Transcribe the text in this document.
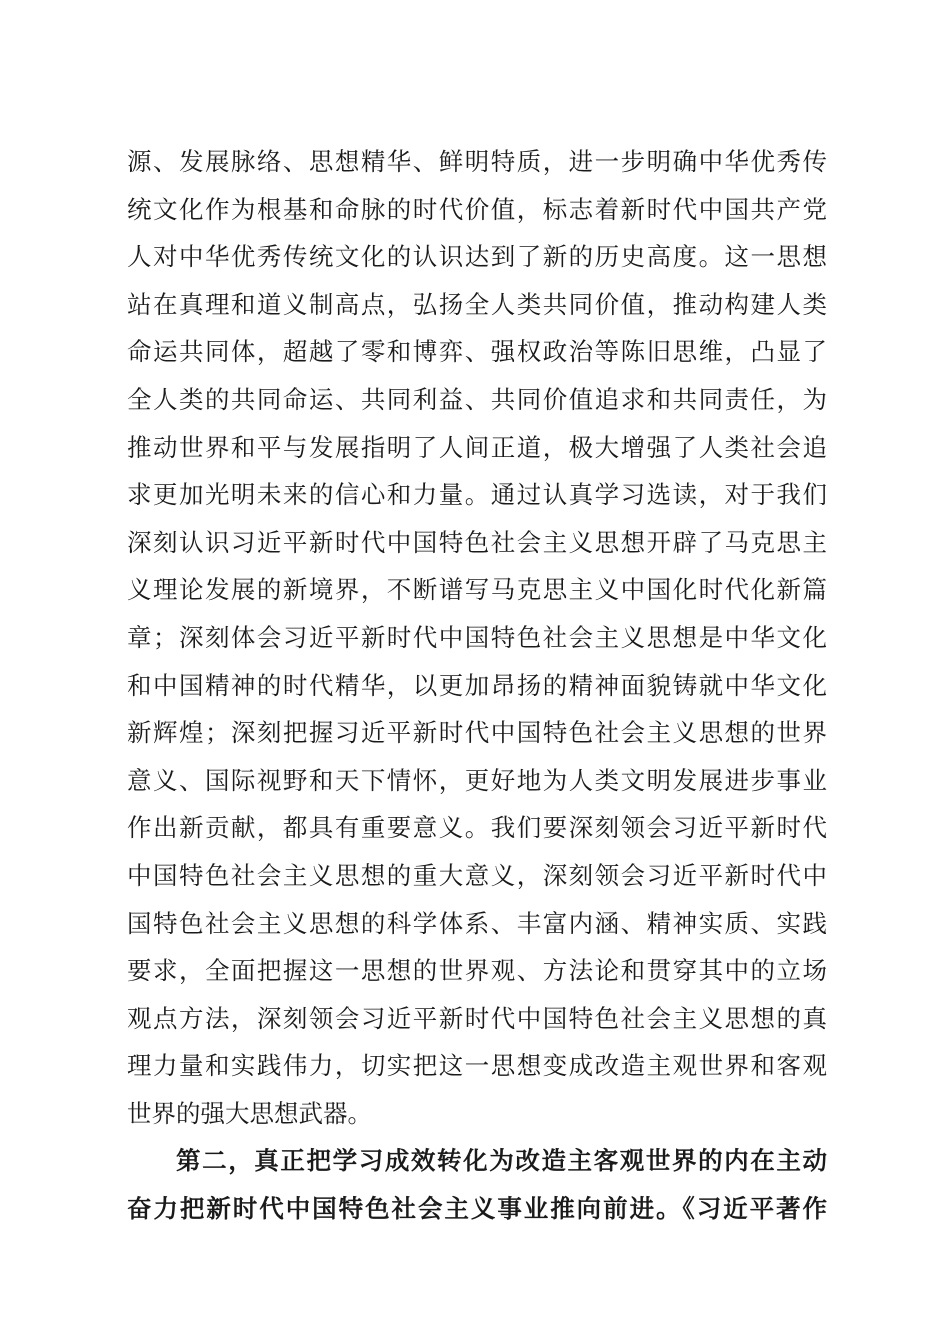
源、发展脉络、思想精华、鲜明特质，进一步明确中华优秀传
统文化作为根基和命脉的时代价值，标志着新时代中国共产党
人对中华优秀传统文化的认识达到了新的历史高度。这一思想
站在真理和道义制高点，弘扬全人类共同价值，推动构建人类
命运共同体，超越了零和博弈、强权政治等陈旧思维，凸显了
全人类的共同命运、共同利益、共同价值追求和共同责任，为
推动世界和平与发展指明了人间正道，极大增强了人类社会追
求更加光明未来的信心和力量。通过认真学习选读，对于我们
深刻认识习近平新时代中国特色社会主义思想开辟了马克思主
义理论发展的新境界，不断谱写马克思主义中国化时代化新篇
章；深刻体会习近平新时代中国特色社会主义思想是中华文化
和中国精神的时代精华，以更加昂扬的精神面貌铸就中华文化
新辉煌；深刻把握习近平新时代中国特色社会主义思想的世界
意义、国际视野和天下情怀，更好地为人类文明发展进步事业
作出新贡献，都具有重要意义。我们要深刻领会习近平新时代
中国特色社会主义思想的重大意义，深刻领会习近平新时代中
国特色社会主义思想的科学体系、丰富内涵、精神实质、实践
要求，全面把握这一思想的世界观、方法论和贯穿其中的立场
观点方法，深刻领会习近平新时代中国特色社会主义思想的真
理力量和实践伟力，切实把这一思想变成改造主观世界和客观
世界的强大思想武器。
第二，真正把学习成效转化为改造主客观世界的内在主动
奋力把新时代中国特色社会主义事业推向前进。《习近平著作
